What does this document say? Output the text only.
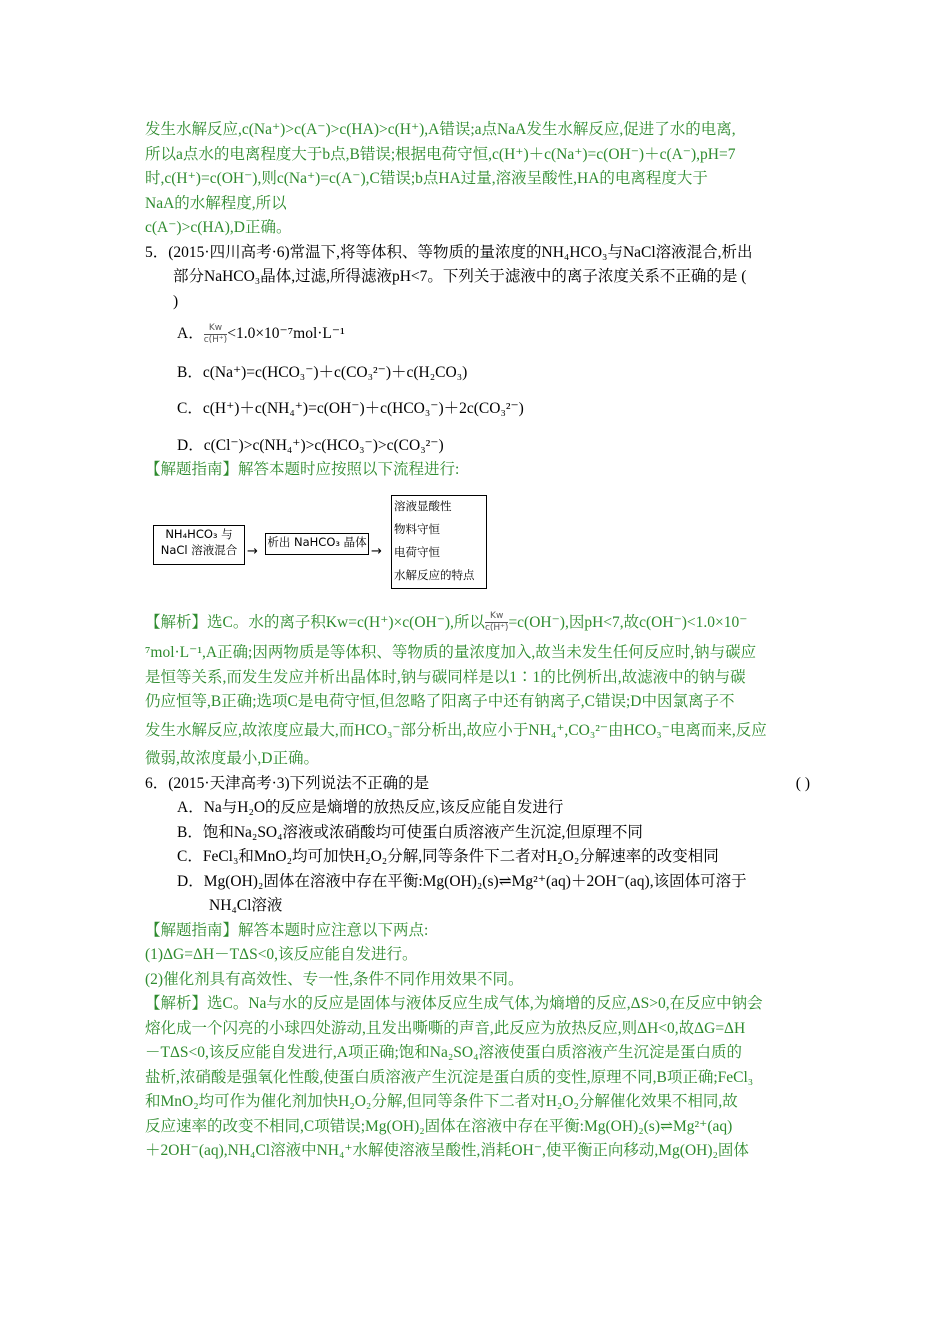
发生水解反应,c(Na⁺)>c(A⁻)>c(HA)>c(H⁺),A错误;a点NaA发生水解反应,促进了水的电离,

所以a点水的电离程度大于b点,B错误;根据电荷守恒,c(H⁺)＋c(Na⁺)=c(OH⁻)＋c(A⁻),pH=7

时,c(H⁺)=c(OH⁻),则c(Na⁺)=c(A⁻),C错误;b点HA过量,溶液呈酸性,HA的电离程度大于

NaA的水解程度,所以

c(A⁻)>c(HA),D正确。

5．(2015·四川高考·6)常温下,将等体积、等物质的量浓度的NH₄HCO₃与NaCl溶液混合,析出

部分NaHCO₃晶体,过滤,所得滤液pH<7。下列关于滤液中的离子浓度关系不正确的是 (

)

A． $\frac{Kw}{c(H^+)} <1.0\times 10^{-7}mol\cdot L^{-1}$

B．c(Na⁺)=c(HCO₃⁻)＋c(CO₃²⁻)＋c(H₂CO₃)

C．c(H⁺)＋c(NH₄⁺)=c(OH⁻)＋c(HCO₃⁻)＋2c(CO₃²⁻)

D．c(Cl⁻)>c(NH₄⁺)>c(HCO₃⁻)>c(CO₃²⁻)

【解题指南】解答本题时应按照以下流程进行:

NH₄HCO₃ 与
NaCl 溶液混合 →
析出 NaHCO₃ 晶体
→
溶液显酸性
物料守恒
电荷守恒
水解反应的特点

【解析】选C。水的离子积Kw=c(H⁺)×c(OH⁻),所以 $\frac{Kw}{c(H^+)} =c(OH^-)$,因pH<7,故c(OH⁻)<1.0×10⁻

⁷mol·L⁻¹,A正确;因两物质是等体积、等物质的量浓度加入,故当未发生任何反应时,钠与碳应

是恒等关系,而发生发应并析出晶体时,钠与碳同样是以1∶1的比例析出,故滤液中的钠与碳

仍应恒等,B正确;选项C是电荷守恒,但忽略了阳离子中还有钠离子,C错误;D中因氯离子不

发生水解反应,故浓度应最大,而HCO₃⁻部分析出,故应小于NH₄⁺,CO₃²⁻由HCO₃⁻电离而来,反应

微弱,故浓度最小,D正确。

6．(2015·天津高考·3)下列说法不正确的是	( )

A．Na与H₂O的反应是熵增的放热反应,该反应能自发进行

B．饱和Na₂SO₄溶液或浓硝酸均可使蛋白质溶液产生沉淀,但原理不同

C．FeCl₃和MnO₂均可加快H₂O₂分解,同等条件下二者对H₂O₂分解速率的改变相同

D．Mg(OH)₂固体在溶液中存在平衡:Mg(OH)₂(s)⇌Mg²⁺(aq)＋2OH⁻(aq),该固体可溶于

NH₄Cl溶液

【解题指南】解答本题时应注意以下两点:

(1)ΔG=ΔH－TΔS<0,该反应能自发进行。

(2)催化剂具有高效性、专一性,条件不同作用效果不同。

【解析】选C。Na与水的反应是固体与液体反应生成气体,为熵增的反应,ΔS>0,在反应中钠会

熔化成一个闪亮的小球四处游动,且发出嘶嘶的声音,此反应为放热反应,则ΔH<0,故ΔG=ΔH

－TΔS<0,该反应能自发进行,A项正确;饱和Na₂SO₄溶液使蛋白质溶液产生沉淀是蛋白质的

盐析,浓硝酸是强氧化性酸,使蛋白质溶液产生沉淀是蛋白质的变性,原理不同,B项正确;FeCl₃

和MnO₂均可作为催化剂加快H₂O₂分解,但同等条件下二者对H₂O₂分解催化效果不相同,故

反应速率的改变不相同,C项错误;Mg(OH)₂固体在溶液中存在平衡:Mg(OH)₂(s)⇌Mg²⁺(aq)

＋2OH⁻(aq),NH₄Cl溶液中NH₄⁺水解使溶液呈酸性,消耗OH⁻,使平衡正向移动,Mg(OH)₂固体
